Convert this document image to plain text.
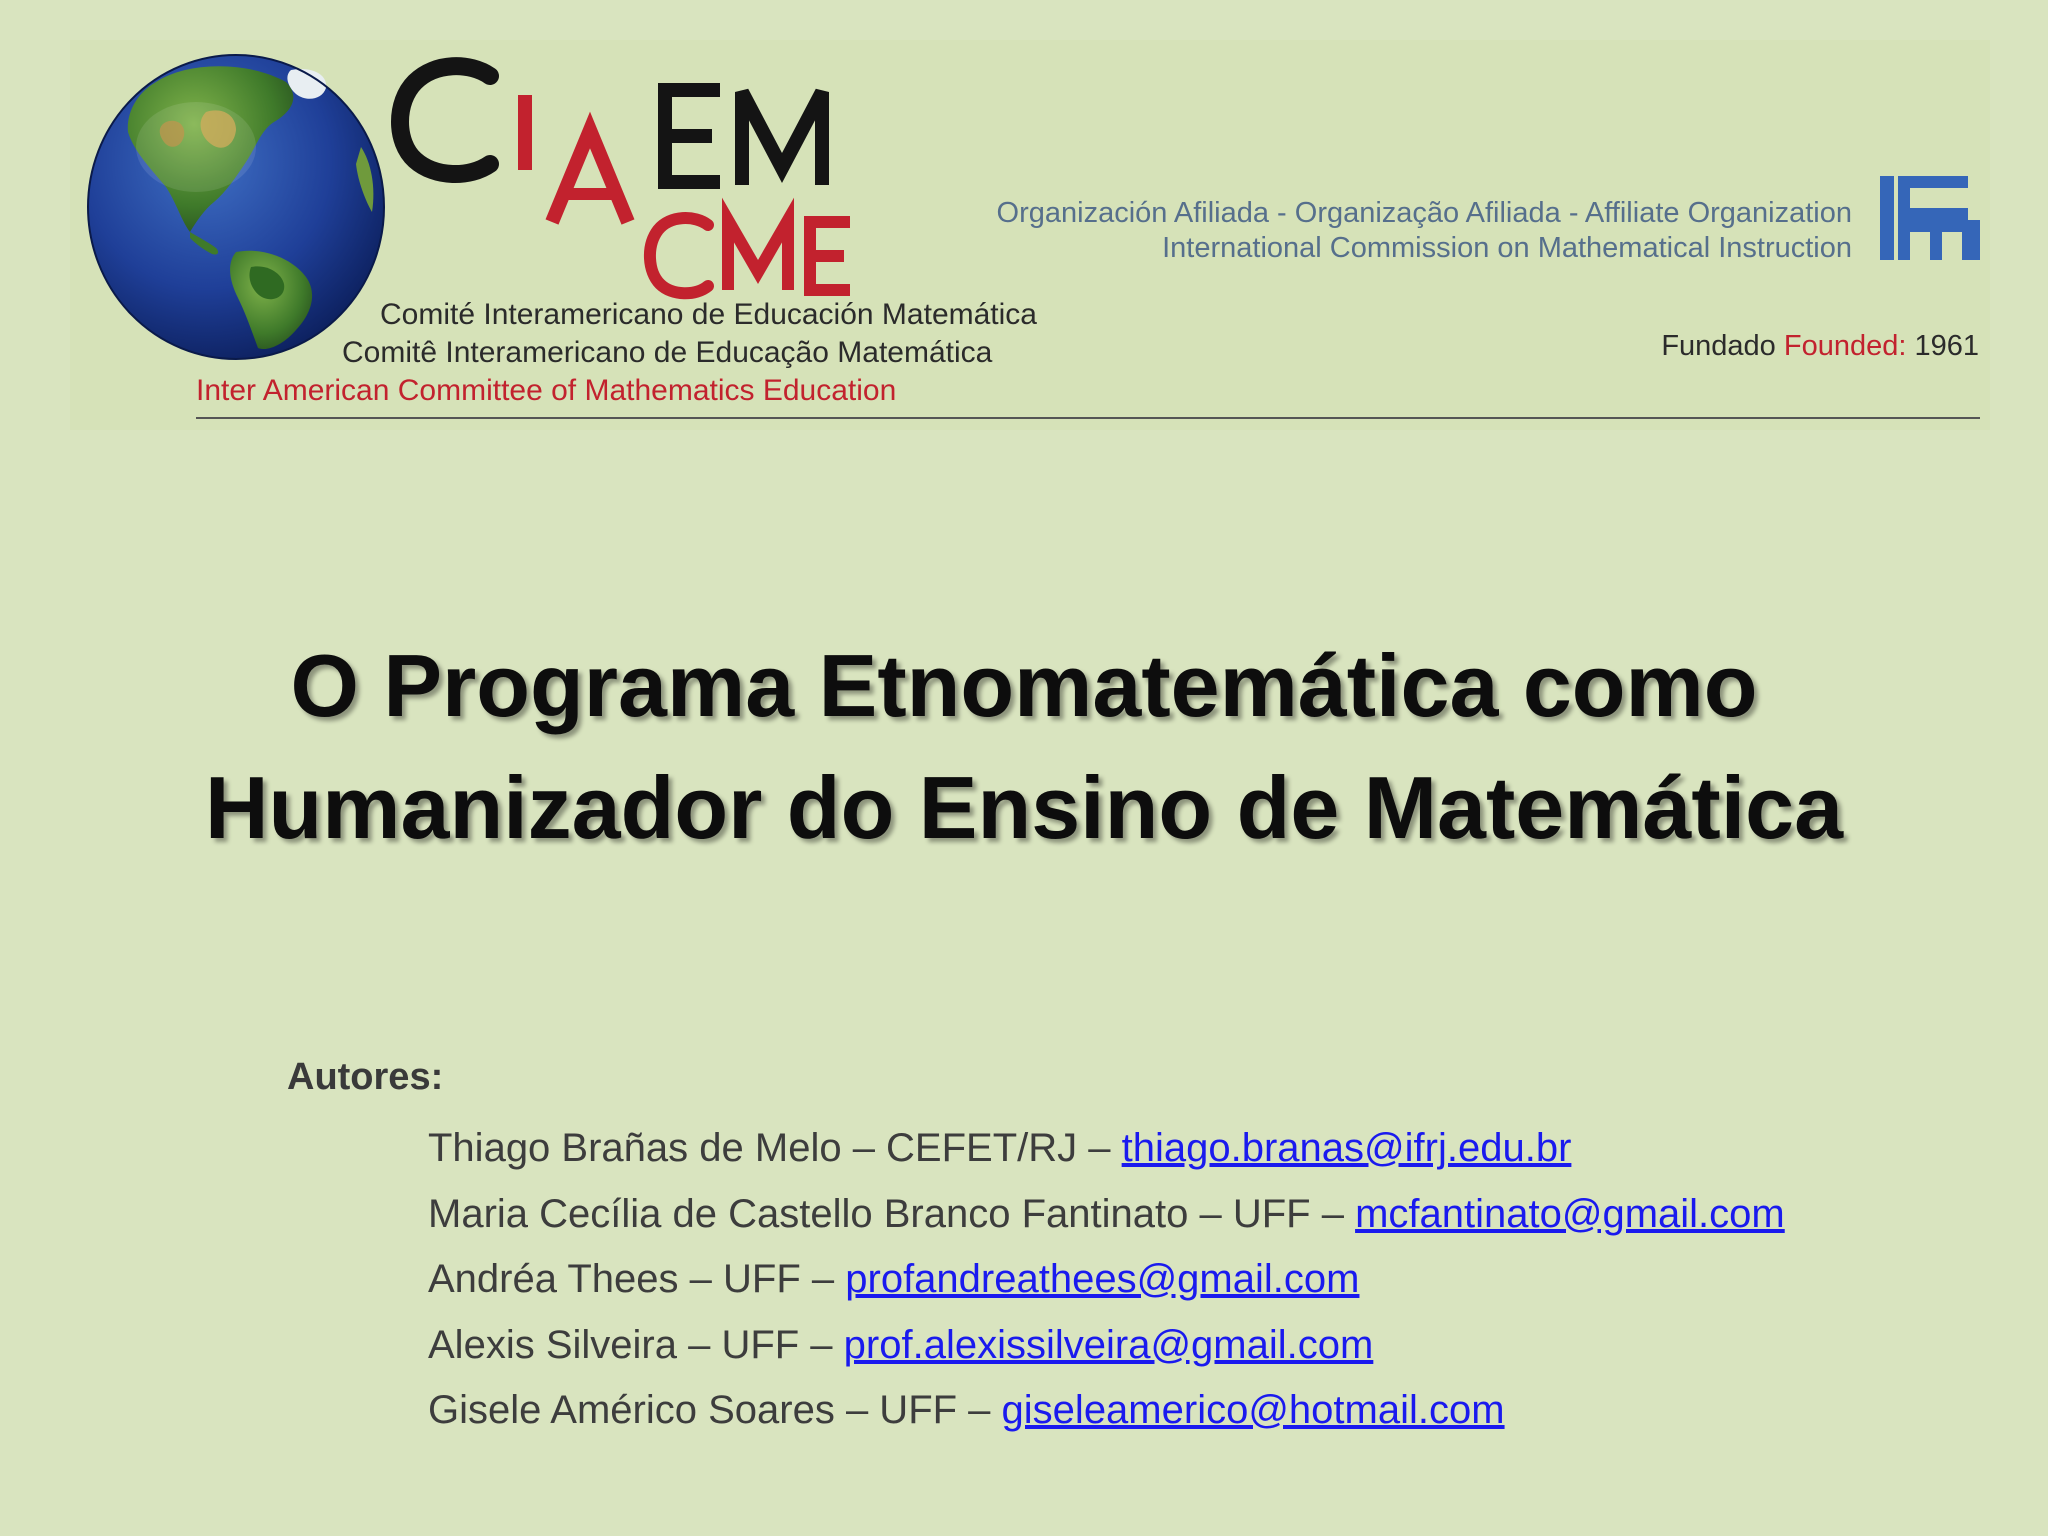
Comité Interamericano de Educación Matemática
Comitê Interamericano de Educação Matemática
Inter American Committee of Mathematics Education
Organización Afiliada - Organização Afiliada - Affiliate Organization
International Commission on Mathematical Instruction
Fundado Founded: 1961
O Programa Etnomatemática como
Humanizador do Ensino de Matemática
Autores:
Thiago Brañas de Melo – CEFET/RJ – thiago.branas@ifrj.edu.br
Maria Cecília de Castello Branco Fantinato – UFF – mcfantinato@gmail.com
Andréa Thees – UFF – profandreathees@gmail.com
Alexis Silveira – UFF – prof.alexissilveira@gmail.com
Gisele Américo Soares – UFF – giseleamerico@hotmail.com
